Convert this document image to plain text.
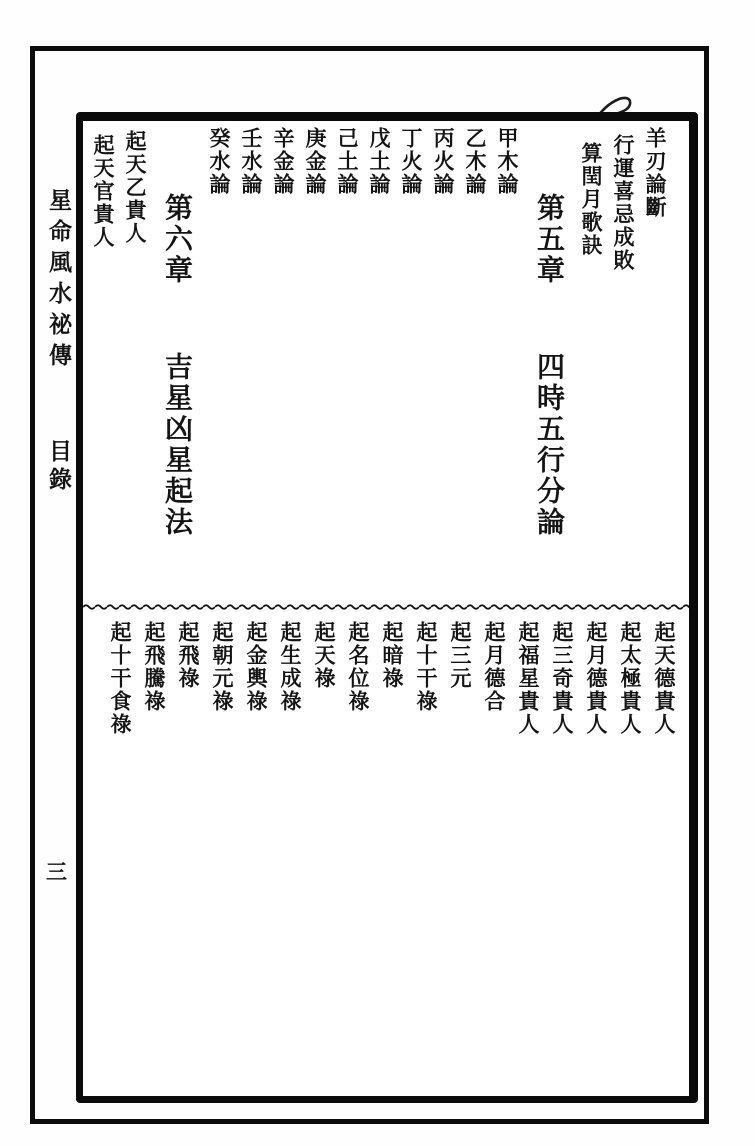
星命風水祕傳 目錄
三
羊刃論斷
行運喜忌成敗
算閏月歌訣
第五章 四時五行分論
甲木論
乙木論
丙火論
丁火論
戊土論
己土論
庚金論
辛金論
壬水論
癸水論
第六章 吉星凶星起法
起天乙貴人
起天官貴人
起天德貴人
起太極貴人
起月德貴人
起三奇貴人
起福星貴人
起月德合
起三元
起十干祿
起暗祿
起名位祿
起天祿
起生成祿
起金輿祿
起朝元祿
起飛祿
起飛騰祿
起十干食祿
